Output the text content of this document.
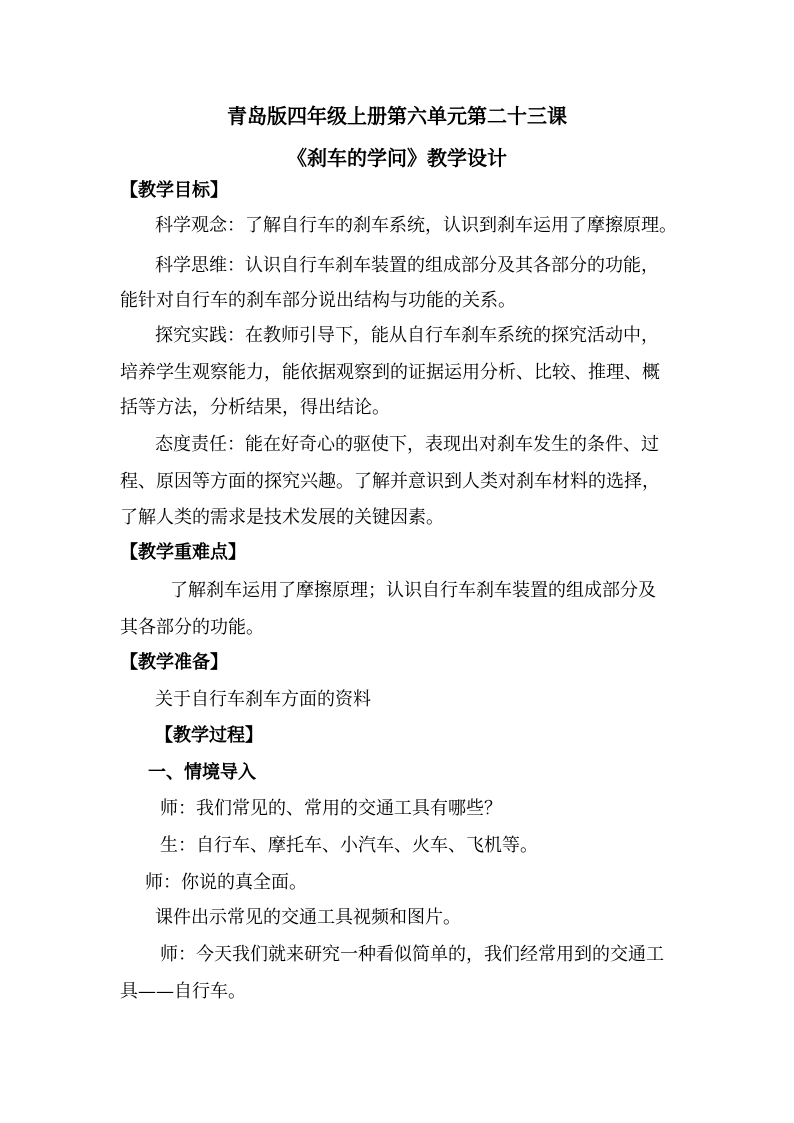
青岛版四年级上册第六单元第二十三课
《刹车的学问》教学设计
【教学目标】
科学观念：了解自行车的刹车系统，认识到刹车运用了摩擦原理。
科学思维：认识自行车刹车装置的组成部分及其各部分的功能，
能针对自行车的刹车部分说出结构与功能的关系。
探究实践：在教师引导下，能从自行车刹车系统的探究活动中，
培养学生观察能力，能依据观察到的证据运用分析、比较、推理、概
括等方法，分析结果，得出结论。
态度责任：能在好奇心的驱使下，表现出对刹车发生的条件、过
程、原因等方面的探究兴趣。了解并意识到人类对刹车材料的选择，
了解人类的需求是技术发展的关键因素。
【教学重难点】
了解刹车运用了摩擦原理；认识自行车刹车装置的组成部分及
其各部分的功能。
【教学准备】
关于自行车刹车方面的资料
【教学过程】
一、情境导入
师：我们常见的、常用的交通工具有哪些？
生：自行车、摩托车、小汽车、火车、飞机等。
师：你说的真全面。
课件出示常见的交通工具视频和图片。
师：今天我们就来研究一种看似简单的，我们经常用到的交通工
具——自行车。
